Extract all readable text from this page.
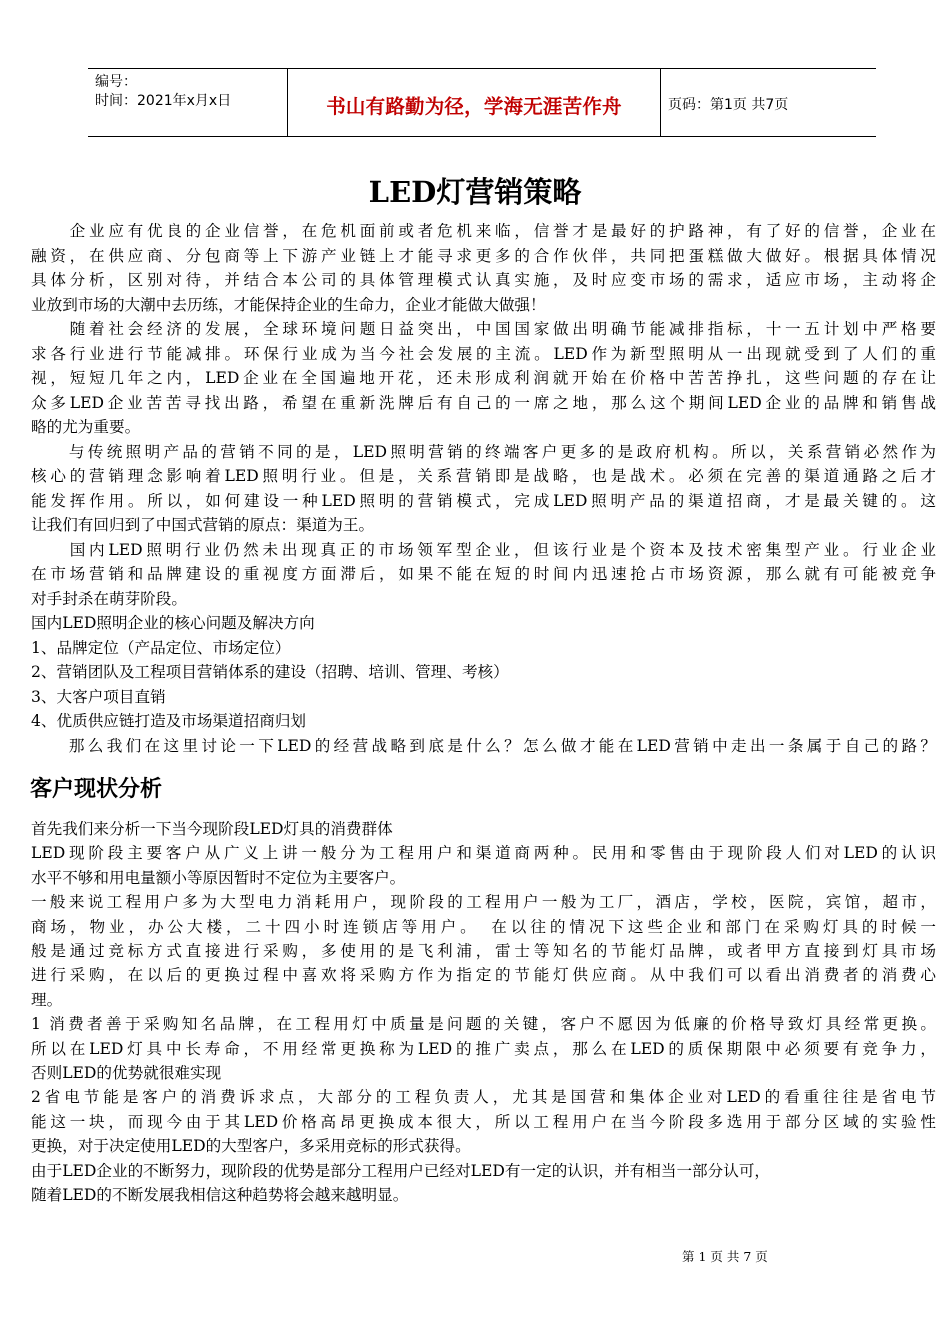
编号：
时间：2021年x月x日	书山有路勤为径，学海无涯苦作舟	页码：第1页 共7页
LED灯营销策略
　　企业应有优良的企业信誉，在危机面前或者危机来临，信誉才是最好的护路神，有了好的信誉，企业在
融资，在供应商、分包商等上下游产业链上才能寻求更多的合作伙伴，共同把蛋糕做大做好。根据具体情况
具体分析，区别对待，并结合本公司的具体管理模式认真实施，及时应变市场的需求，适应市场，主动将企
业放到市场的大潮中去历练，才能保持企业的生命力，企业才能做大做强！
　　随着社会经济的发展，全球环境问题日益突出，中国国家做出明确节能减排指标，十一五计划中严格要
求各行业进行节能减排。环保行业成为当今社会发展的主流。LED作为新型照明从一出现就受到了人们的重
视，短短几年之内，LED企业在全国遍地开花，还未形成利润就开始在价格中苦苦挣扎，这些问题的存在让
众多LED企业苦苦寻找出路，希望在重新洗牌后有自己的一席之地，那么这个期间LED企业的品牌和销售战
略的尤为重要。
　　与传统照明产品的营销不同的是，LED照明营销的终端客户更多的是政府机构。所以，关系营销必然作为
核心的营销理念影响着LED照明行业。但是，关系营销即是战略，也是战术。必须在完善的渠道通路之后才
能发挥作用。所以，如何建设一种LED照明的营销模式，完成LED照明产品的渠道招商，才是最关键的。这
让我们有回归到了中国式营销的原点：渠道为王。
　　国内LED照明行业仍然未出现真正的市场领军型企业，但该行业是个资本及技术密集型产业。行业企业
在市场营销和品牌建设的重视度方面滞后，如果不能在短的时间内迅速抢占市场资源，那么就有可能被竞争
对手封杀在萌芽阶段。
国内LED照明企业的核心问题及解决方向
1、品牌定位（产品定位、市场定位）
2、营销团队及工程项目营销体系的建设（招聘、培训、管理、考核）
3、大客户项目直销
4、优质供应链打造及市场渠道招商归划
　　那么我们在这里讨论一下LED的经营战略到底是什么？怎么做才能在LED营销中走出一条属于自己的路？
客户现状分析
首先我们来分析一下当今现阶段LED灯具的消费群体
LED现阶段主要客户从广义上讲一般分为工程用户和渠道商两种。民用和零售由于现阶段人们对LED的认识
水平不够和用电量额小等原因暂时不定位为主要客户。
一般来说工程用户多为大型电力消耗用户，现阶段的工程用户一般为工厂，酒店，学校，医院，宾馆，超市，
商场，物业，办公大楼，二十四小时连锁店等用户。　在以往的情况下这些企业和部门在采购灯具的时候一
般是通过竞标方式直接进行采购，多使用的是飞利浦，雷士等知名的节能灯品牌，或者甲方直接到灯具市场
进行采购，在以后的更换过程中喜欢将采购方作为指定的节能灯供应商。从中我们可以看出消费者的消费心
理。
1 消费者善于采购知名品牌，在工程用灯中质量是问题的关键，客户不愿因为低廉的价格导致灯具经常更换。
所以在LED灯具中长寿命，不用经常更换称为LED的推广卖点，那么在LED的质保期限中必须要有竞争力，
否则LED的优势就很难实现
2省电节能是客户的消费诉求点，大部分的工程负责人，尤其是国营和集体企业对LED的看重往往是省电节
能这一块，而现今由于其LED价格高昂更换成本很大，所以工程用户在当今阶段多选用于部分区域的实验性
更换，对于决定使用LED的大型客户，多采用竞标的形式获得。
由于LED企业的不断努力，现阶段的优势是部分工程用户已经对LED有一定的认识，并有相当一部分认可，
随着LED的不断发展我相信这种趋势将会越来越明显。
第 1 页 共 7 页
